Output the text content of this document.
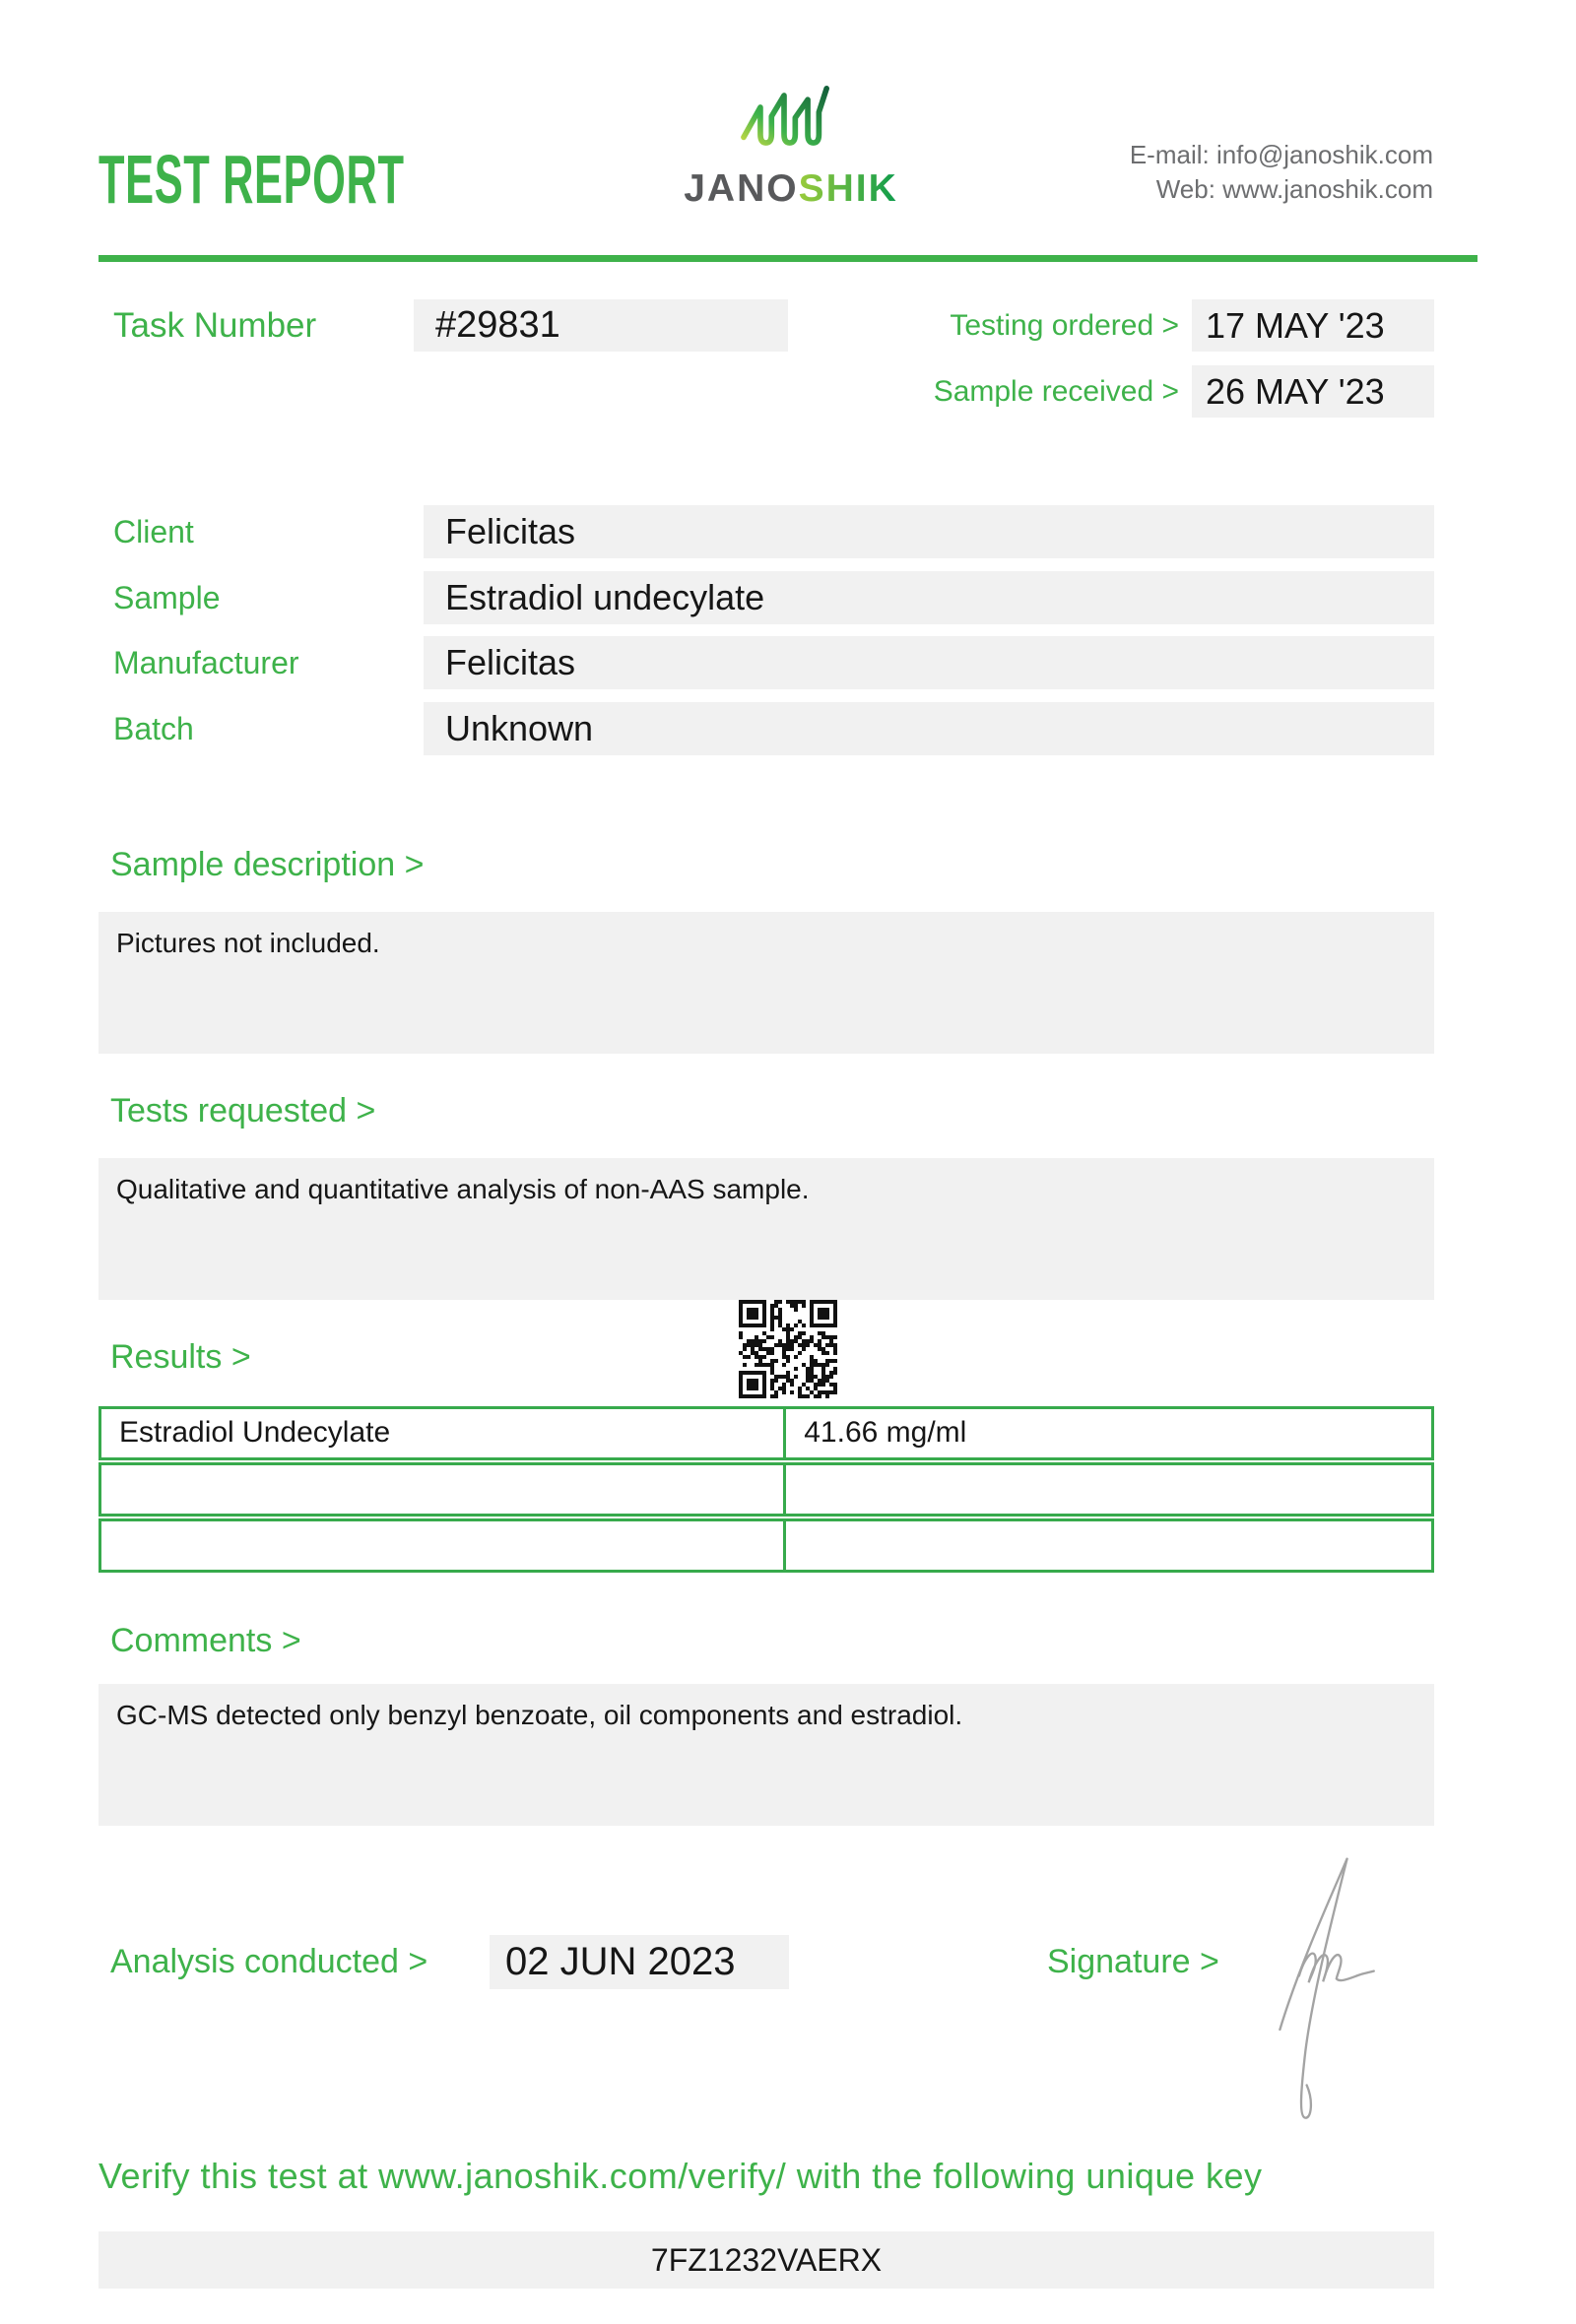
TEST REPORT	JANOSHIK
E-mail: info@janoshik.com
Web: www.janoshik.com
Task Number	#29831	Testing ordered > 17 MAY '23
Sample received > 26 MAY '23
Client	Felicitas
Sample	Estradiol undecylate
Manufacturer	Felicitas
Batch	Unknown
Sample description >
Pictures not included.
Tests requested >
Qualitative and quantitative analysis of non-AAS sample.
Results >
Estradiol Undecylate	41.66 mg/ml
Comments >
GC-MS detected only benzyl benzoate, oil components and estradiol.
Analysis conducted >	02 JUN 2023	Signature >
Verify this test at www.janoshik.com/verify/ with the following unique key
7FZ1232VAERX
